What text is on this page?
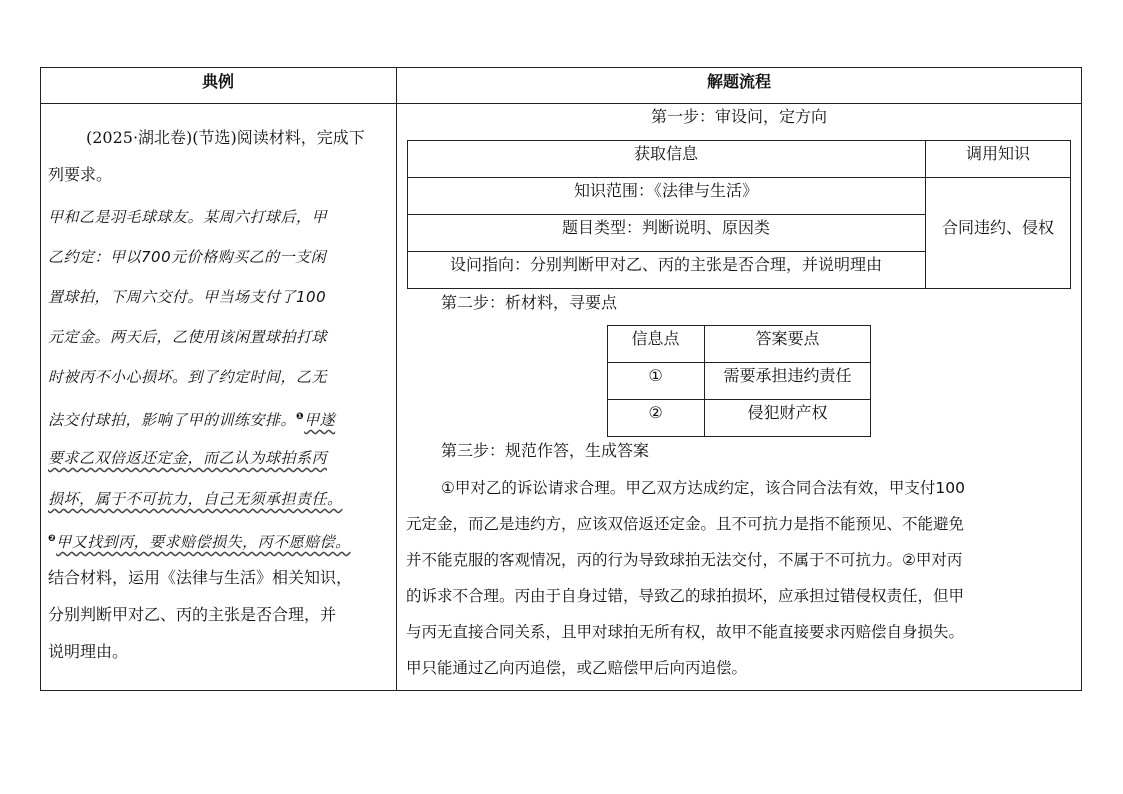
典例	解题流程
(2025·湖北卷)(节选)阅读材料，完成下
列要求。
甲和乙是羽毛球球友。某周六打球后，甲
乙约定：甲以700元价格购买乙的一支闲
置球拍，下周六交付。甲当场支付了100
元定金。两天后，乙使用该闲置球拍打球
时被丙不小心损坏。到了约定时间，乙无
法交付球拍，影响了甲的训练安排。$^❶$甲遂
要求乙双倍返还定金，而乙认为球拍系丙
损坏，属于不可抗力，自己无须承担责任。
$^❷$甲又找到丙，要求赔偿损失，丙不愿赔偿。
结合材料，运用《法律与生活》相关知识，
分别判断甲对乙、丙的主张是否合理，并
说明理由。
第一步：审设问，定方向
获取信息	调用知识
知识范围：《法律与生活》
题目类型：判断说明、原因类
设问指向：分别判断甲对乙、丙的主张是否合理，并说明理由
合同违约、侵权
第二步：析材料，寻要点
信息点	答案要点
①	需要承担违约责任
②	侵犯财产权
第三步：规范作答，生成答案
①甲对乙的诉讼请求合理。甲乙双方达成约定，该合同合法有效，甲支付100
元定金，而乙是违约方，应该双倍返还定金。且不可抗力是指不能预见、不能避免
并不能克服的客观情况，丙的行为导致球拍无法交付，不属于不可抗力。②甲对丙
的诉求不合理。丙由于自身过错，导致乙的球拍损坏，应承担过错侵权责任，但甲
与丙无直接合同关系，且甲对球拍无所有权，故甲不能直接要求丙赔偿自身损失。
甲只能通过乙向丙追偿，或乙赔偿甲后向丙追偿。
